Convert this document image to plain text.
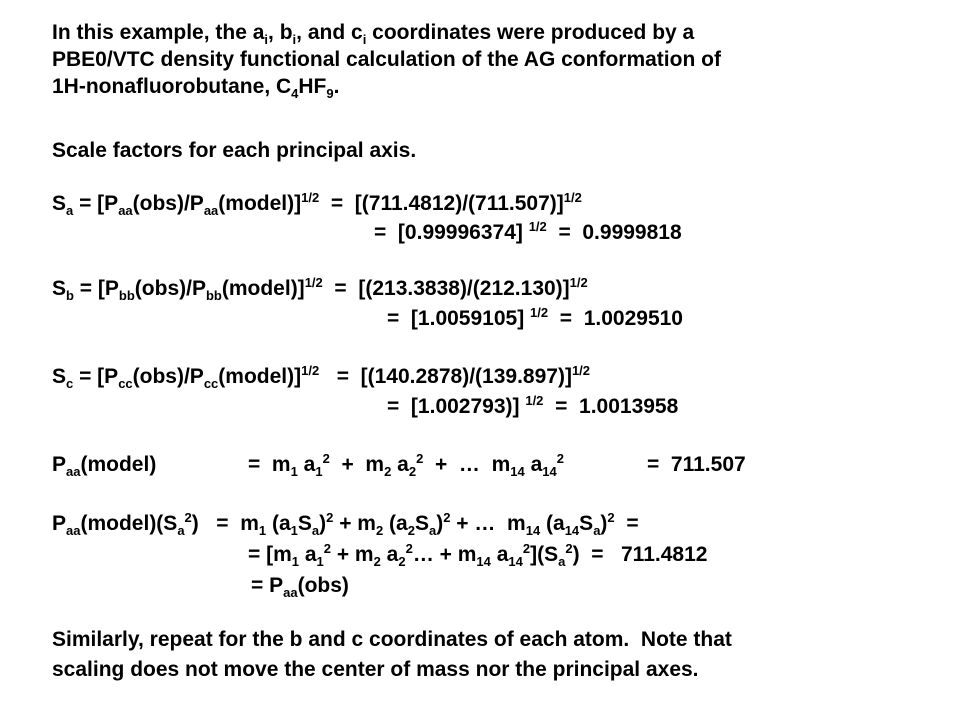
In this example, the $a_i$, $b_i$, and $c_i$ coordinates were produced by a
PBE0/VTC density functional calculation of the AG conformation of
1H-nonafluorobutane, $C_4HF_9$.
Scale factors for each principal axis.
$S_a$ = $[P_{aa}(obs)/P_{aa}(model)]^{1/2} = [(711.4812)/(711.507)]^{1/2}$
=  [0.99996374] $^{1/2}$  =  0.9999818
$S_b$ = $[P_{bb}(obs)/P_{bb}(model)]^{1/2} = [(213.3838)/(212.130)]^{1/2}$
=  [1.0059105] $^{1/2}$  =  1.0029510
$S_c$ = $[P_{cc}(obs)/P_{cc}(model)]^{1/2} = [(140.2878)/(139.897)]^{1/2}$
=  [1.002793)] $^{1/2}$  =  1.0013958
$P_{aa}(model)$	=  $m_1$ $a_1^2 + m_2$ $a_2^2$  +  …  $m_{14}$ $a_{14}^2$	=  711.507
$P_{aa}(model)(S_a^2) = m_1$ $(a_1S_a)^2 + m_2$ $(a_2S_a)^2$ + …  $m_{14}$ $(a_{14}S_a)^2$  =
= [$m_1$ $a_1^2 + m_2$ $a_2^2\dots + m_{14}$ $a_{14}^2](S_a^2) = 711.4812$
= $P_{aa}(obs)$
Similarly, repeat for the b and c coordinates of each atom.  Note that
scaling does not move the center of mass nor the principal axes.
